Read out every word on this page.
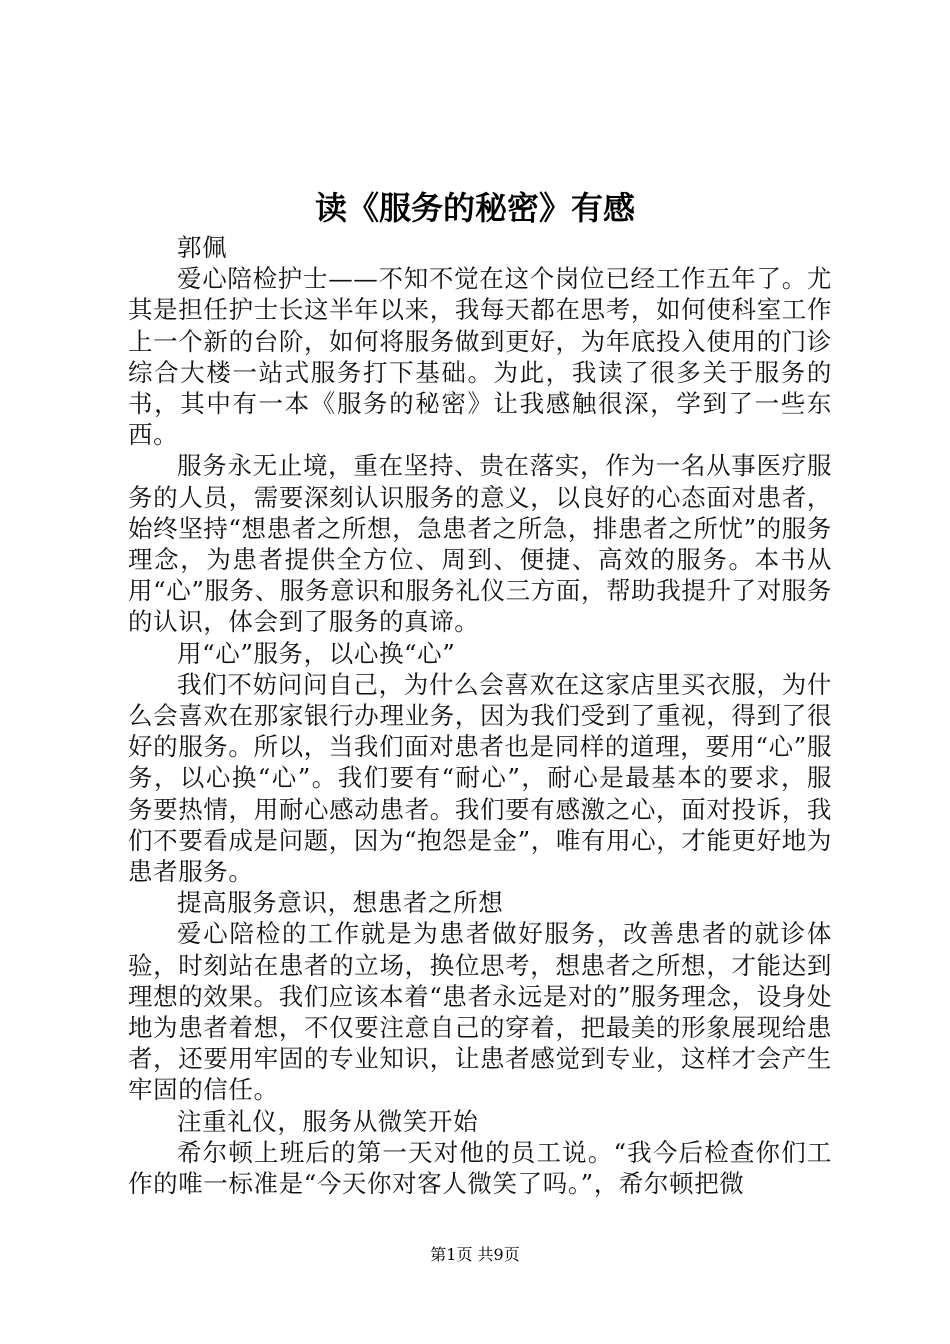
读《服务的秘密》有感

郭佩

爱心陪检护士——不知不觉在这个岗位已经工作五年了。尤其是担任护士长这半年以来，我每天都在思考，如何使科室工作上一个新的台阶，如何将服务做到更好，为年底投入使用的门诊综合大楼一站式服务打下基础。为此，我读了很多关于服务的书，其中有一本《服务的秘密》让我感触很深，学到了一些东西。

服务永无止境，重在坚持、贵在落实，作为一名从事医疗服务的人员，需要深刻认识服务的意义，以良好的心态面对患者，始终坚持“想患者之所想，急患者之所急，排患者之所忧”的服务理念，为患者提供全方位、周到、便捷、高效的服务。本书从用“心”服务、服务意识和服务礼仪三方面，帮助我提升了对服务的认识，体会到了服务的真谛。

用“心”服务，以心换“心”

我们不妨问问自己，为什么会喜欢在这家店里买衣服，为什么会喜欢在那家银行办理业务，因为我们受到了重视，得到了很好的服务。所以，当我们面对患者也是同样的道理，要用“心”服务，以心换“心”。我们要有“耐心”，耐心是最基本的要求，服务要热情，用耐心感动患者。我们要有感激之心，面对投诉，我们不要看成是问题，因为“抱怨是金”，唯有用心，才能更好地为患者服务。

提高服务意识，想患者之所想

爱心陪检的工作就是为患者做好服务，改善患者的就诊体验，时刻站在患者的立场，换位思考，想患者之所想，才能达到理想的效果。我们应该本着“患者永远是对的”服务理念，设身处地为患者着想，不仅要注意自己的穿着，把最美的形象展现给患者，还要用牢固的专业知识，让患者感觉到专业，这样才会产生牢固的信任。

注重礼仪，服务从微笑开始

希尔顿上班后的第一天对他的员工说。“我今后检查你们工作的唯一标准是“今天你对客人微笑了吗。”，希尔顿把微

第1页 共9页
